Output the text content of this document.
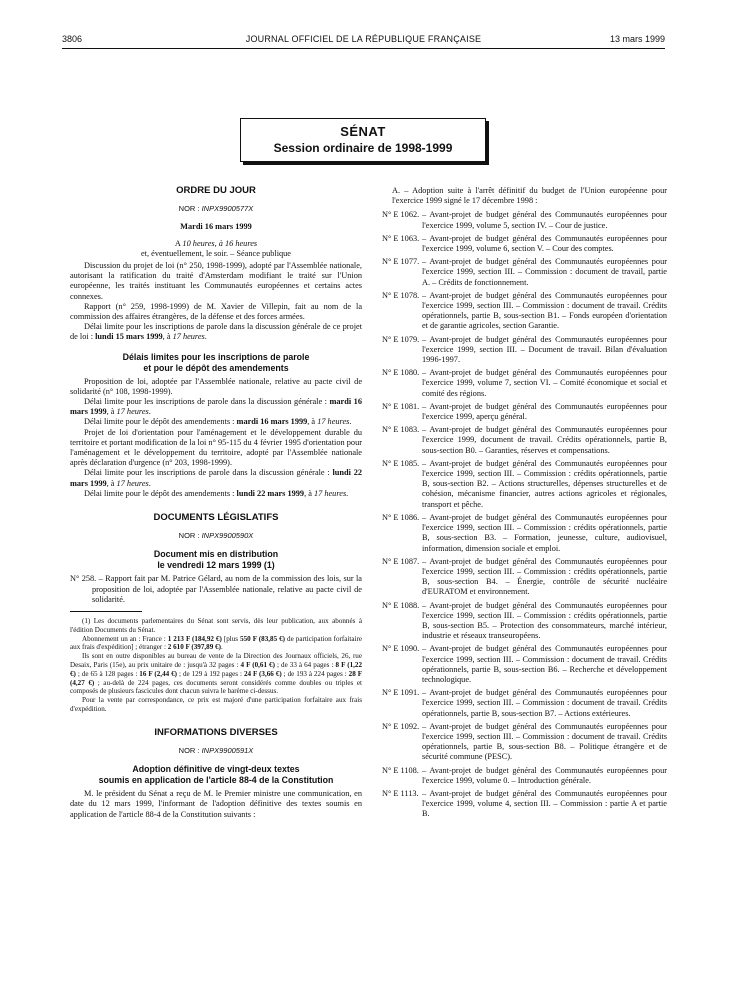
3806	JOURNAL OFFICIEL DE LA RÉPUBLIQUE FRANÇAISE	13 mars 1999
SÉNAT
Session ordinaire de 1998-1999
ORDRE DU JOUR
NOR : INPX9900577X
Mardi 16 mars 1999
A 10 heures, à 16 heures
et, éventuellement, le soir. – Séance publique

Discussion du projet de loi (n° 250, 1998-1999), adopté par l'Assemblée nationale, autorisant la ratification du traité d'Amsterdam modifiant le traité sur l'Union européenne, les traités instituant les Communautés européennes et certains actes connexes.

Rapport (n° 259, 1998-1999) de M. Xavier de Villepin, fait au nom de la commission des affaires étrangères, de la défense et des forces armées.

Délai limite pour les inscriptions de parole dans la discussion générale de ce projet de loi : lundi 15 mars 1999, à 17 heures.

Délais limites pour les inscriptions de parole
et pour le dépôt des amendements

Proposition de loi, adoptée par l'Assemblée nationale, relative au pacte civil de solidarité (n° 108, 1998-1999).

Délai limite pour les inscriptions de parole dans la discussion générale : mardi 16 mars 1999, à 17 heures.

Délai limite pour le dépôt des amendements : mardi 16 mars 1999, à 17 heures.

Projet de loi d'orientation pour l'aménagement et le développement durable du territoire et portant modification de la loi n° 95-115 du 4 février 1995 d'orientation pour l'aménagement et le développement du territoire, adopté par l'Assemblée nationale après déclaration d'urgence (n° 203, 1998-1999).

Délai limite pour les inscriptions de parole dans la discussion générale : lundi 22 mars 1999, à 17 heures.

Délai limite pour le dépôt des amendements : lundi 22 mars 1999, à 17 heures.

DOCUMENTS LÉGISLATIFS
NOR : INPX9900590X
Document mis en distribution
le vendredi 12 mars 1999 (1)
N° 258. – Rapport fait par M. Patrice Gélard, au nom de la commission des lois, sur la proposition de loi, adoptée par l'Assemblée nationale, relative au pacte civil de solidarité.

(1) Les documents parlementaires du Sénat sont servis, dès leur publication, aux abonnés à l'édition Documents du Sénat.

Abonnement un an : France : 1 213 F (184,92 €) [plus 550 F (83,85 €) de participation forfaitaire aux frais d'expédition] ; étranger : 2 610 F (397,89 €).

Ils sont en outre disponibles au bureau de vente de la Direction des Journaux officiels, 26, rue Desaix, Paris (15e), au prix unitaire de : jusqu'à 32 pages : 4 F (0,61 €) ; de 33 à 64 pages : 8 F (1,22 €) ; de 65 à 128 pages : 16 F (2,44 €) ; de 129 à 192 pages : 24 F (3,66 €) ; de 193 à 224 pages : 28 F (4,27 €) ; au-delà de 224 pages, ces documents seront considérés comme doubles ou triples et composés de plusieurs fascicules dont chacun suivra le barème ci-dessus.

Pour la vente par correspondance, ce prix est majoré d'une participation forfaitaire aux frais d'expédition.

INFORMATIONS DIVERSES
NOR : INPX9900591X
Adoption définitive de vingt-deux textes
soumis en application de l'article 88-4 de la Constitution

M. le président du Sénat a reçu de M. le Premier ministre une communication, en date du 12 mars 1999, l'informant de l'adoption définitive des textes soumis en application de l'article 88-4 de la Constitution suivants :

A. – Adoption suite à l'arrêt définitif du budget de l'Union européenne pour l'exercice 1999 signé le 17 décembre 1998 :
N° E 1062. – Avant-projet de budget général des Communautés européennes pour l'exercice 1999, volume 5, section IV. – Cour de justice.
N° E 1063. – Avant-projet de budget général des Communautés européennes pour l'exercice 1999, volume 6, section V. – Cour des comptes.
N° E 1077. – Avant-projet de budget général des Communautés européennes pour l'exercice 1999, section III. – Commission : document de travail, partie A. – Crédits de fonctionnement.
N° E 1078. – Avant-projet de budget général des Communautés européennes pour l'exercice 1999, section III. – Commission : document de travail. Crédits opérationnels, partie B, sous-section B1. – Fonds européen d'orientation et de garantie agricoles, section Garantie.
N° E 1079. – Avant-projet de budget général des Communautés européennes pour l'exercice 1999, section III. – Document de travail. Bilan d'évaluation 1996-1997.
N° E 1080. – Avant-projet de budget général des Communautés européennes pour l'exercice 1999, volume 7, section VI. – Comité économique et social et comité des régions.
N° E 1081. – Avant-projet de budget général des Communautés européennes pour l'exercice 1999, aperçu général.
N° E 1083. – Avant-projet de budget général des Communautés européennes pour l'exercice 1999, document de travail. Crédits opérationnels, partie B, sous-section B0. – Garanties, réserves et compensations.
N° E 1085. – Avant-projet de budget général des Communautés européennes pour l'exercice 1999, section III. – Commission : crédits opérationnels, partie B, sous-section B2. – Actions structurelles, dépenses structurelles et de cohésion, mécanisme financier, autres actions agricoles et régionales, transport et pêche.
N° E 1086. – Avant-projet de budget général des Communautés européennes pour l'exercice 1999, section III. – Commission : crédits opérationnels, partie B, sous-section B3. – Formation, jeunesse, culture, audiovisuel, information, dimension sociale et emploi.
N° E 1087. – Avant-projet de budget général des Communautés européennes pour l'exercice 1999, section III. – Commission : crédits opérationnels, partie B, sous-section B4. – Énergie, contrôle de sécurité nucléaire d'EURATOM et environnement.
N° E 1088. – Avant-projet de budget général des Communautés européennes pour l'exercice 1999, section III. – Commission : crédits opérationnels, partie B, sous-section B5. – Protection des consommateurs, marché intérieur, industrie et réseaux transeuropéens.
N° E 1090. – Avant-projet de budget général des Communautés européennes pour l'exercice 1999, section III. – Commission : document de travail. Crédits opérationnels, partie B, sous-section B6. – Recherche et développement technologique.
N° E 1091. – Avant-projet de budget général des Communautés européennes pour l'exercice 1999, section III. – Commission : document de travail. Crédits opérationnels, partie B, sous-section B7. – Actions extérieures.
N° E 1092. – Avant-projet de budget général des Communautés européennes pour l'exercice 1999, section III. – Commission : document de travail. Crédits opérationnels, partie B, sous-section B8. – Politique étrangère et de sécurité commune (PESC).
N° E 1108. – Avant-projet de budget général des Communautés européennes pour l'exercice 1999, volume 0. – Introduction générale.
N° E 1113. – Avant-projet de budget général des Communautés européennes pour l'exercice 1999, volume 4, section III. – Commission : partie A et partie B.
